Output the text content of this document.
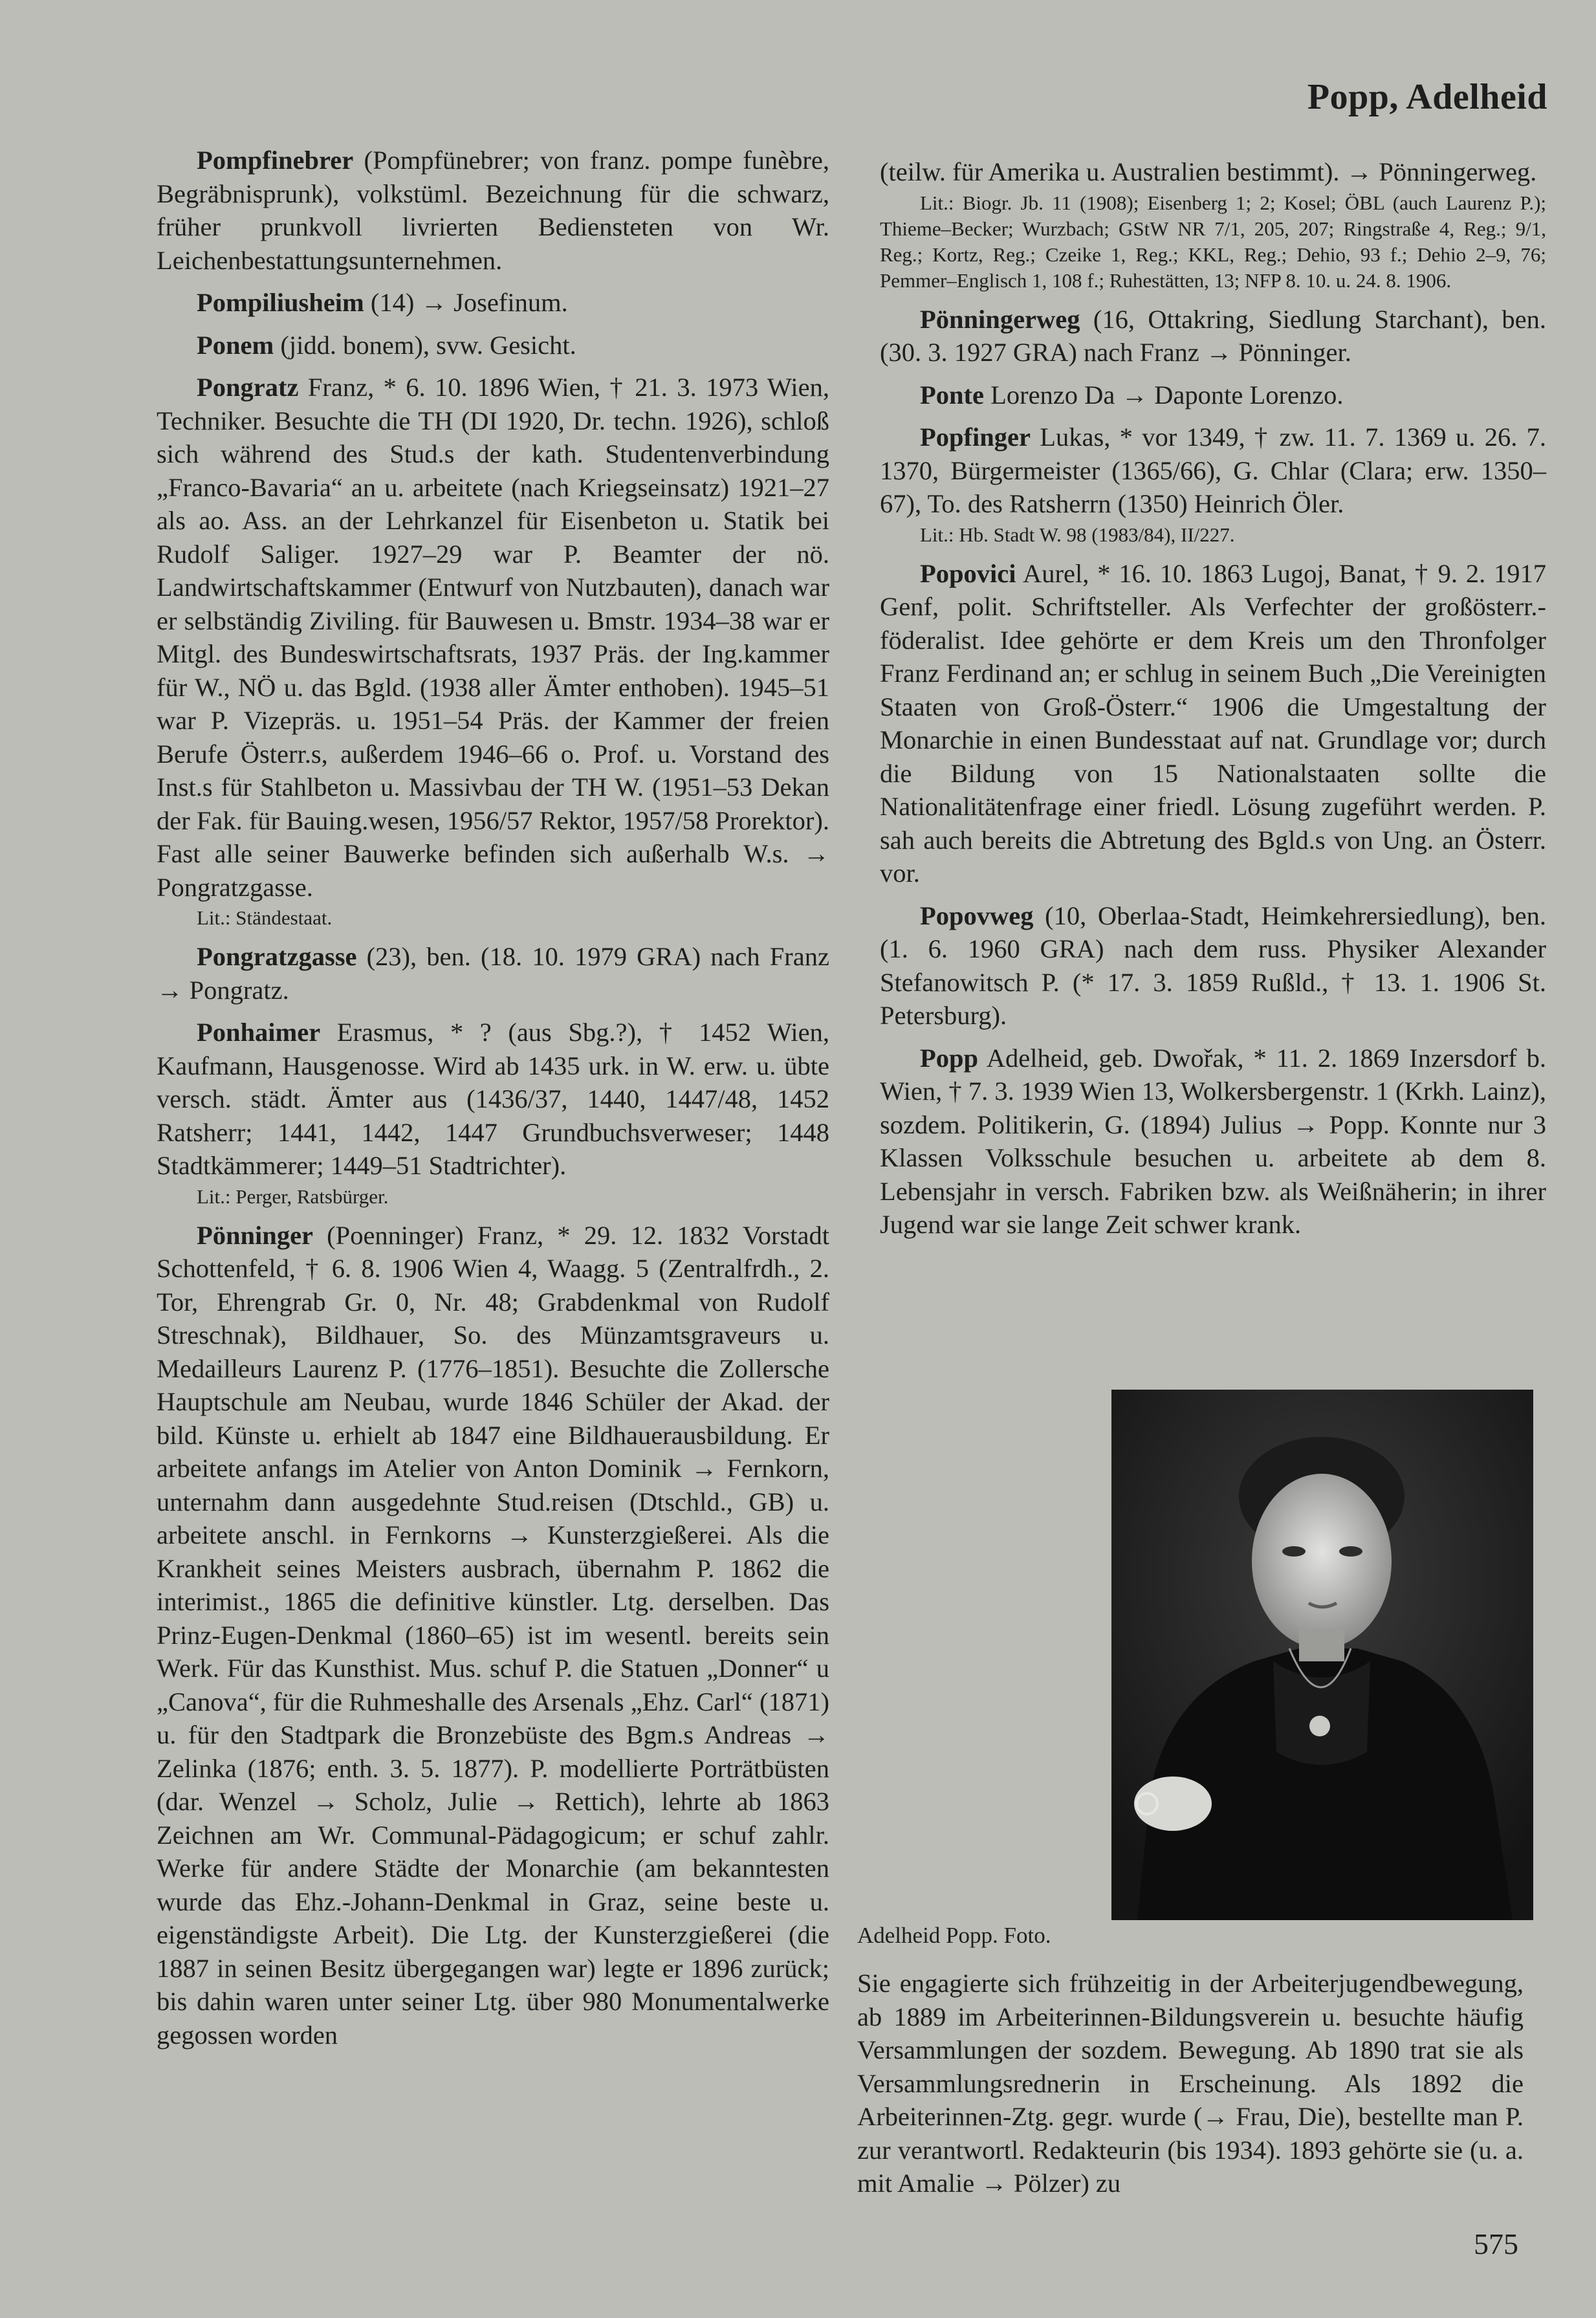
Popp, Adelheid

Pompfinebrer (Pompfünebrer; von franz. pompe funèbre, Begräbnisprunk), volkstüml. Bezeichnung für die schwarz, früher prunkvoll livrierten Bediensteten von Wr. Leichenbestattungsunternehmen.

Pompiliusheim (14) → Josefinum.

Ponem (jidd. bonem), svw. Gesicht.

Pongratz Franz, * 6. 10. 1896 Wien, † 21. 3. 1973 Wien, Techniker. Besuchte die TH (DI 1920, Dr. techn. 1926), schloß sich während des Stud.s der kath. Studentenverbindung „Franco-Bavaria“ an u. arbeitete (nach Kriegseinsatz) 1921–27 als ao. Ass. an der Lehrkanzel für Eisenbeton u. Statik bei Rudolf Saliger. 1927–29 war P. Beamter der nö. Landwirtschaftskammer (Entwurf von Nutzbauten), danach war er selbständig Ziviling. für Bauwesen u. Bmstr. 1934–38 war er Mitgl. des Bundeswirtschaftsrats, 1937 Präs. der Ing.kammer für W., NÖ u. das Bgld. (1938 aller Ämter enthoben). 1945–51 war P. Vizepräs. u. 1951–54 Präs. der Kammer der freien Berufe Österr.s, außerdem 1946–66 o. Prof. u. Vorstand des Inst.s für Stahlbeton u. Massivbau der TH W. (1951–53 Dekan der Fak. für Bauing.wesen, 1956/57 Rektor, 1957/58 Prorektor). Fast alle seiner Bauwerke befinden sich außerhalb W.s. → Pongratzgasse.

Lit.: Ständestaat.

Pongratzgasse (23), ben. (18. 10. 1979 GRA) nach Franz → Pongratz.

Ponhaimer Erasmus, * ? (aus Sbg.?), † 1452 Wien, Kaufmann, Hausgenosse. Wird ab 1435 urk. in W. erw. u. übte versch. städt. Ämter aus (1436/37, 1440, 1447/48, 1452 Ratsherr; 1441, 1442, 1447 Grundbuchsverweser; 1448 Stadtkämmerer; 1449–51 Stadtrichter).

Lit.: Perger, Ratsbürger.

Pönninger (Poenninger) Franz, * 29. 12. 1832 Vorstadt Schottenfeld, † 6. 8. 1906 Wien 4, Waagg. 5 (Zentralfrdh., 2. Tor, Ehrengrab Gr. 0, Nr. 48; Grabdenkmal von Rudolf Streschnak), Bildhauer, So. des Münzamtsgraveurs u. Medailleurs Laurenz P. (1776–1851). Besuchte die Zollersche Hauptschule am Neubau, wurde 1846 Schüler der Akad. der bild. Künste u. erhielt ab 1847 eine Bildhauerausbildung. Er arbeitete anfangs im Atelier von Anton Dominik → Fernkorn, unternahm dann ausgedehnte Stud.reisen (Dtschld., GB) u. arbeitete anschl. in Fernkorns → Kunsterzgießerei. Als die Krankheit seines Meisters ausbrach, übernahm P. 1862 die interimist., 1865 die definitive künstler. Ltg. derselben. Das Prinz-Eugen-Denkmal (1860–65) ist im wesentl. bereits sein Werk. Für das Kunsthist. Mus. schuf P. die Statuen „Donner“ u „Canova“, für die Ruhmeshalle des Arsenals „Ehz. Carl“ (1871) u. für den Stadtpark die Bronzebüste des Bgm.s Andreas → Zelinka (1876; enth. 3. 5. 1877). P. modellierte Porträtbüsten (dar. Wenzel → Scholz, Julie → Rettich), lehrte ab 1863 Zeichnen am Wr. Communal-Pädagogicum; er schuf zahlr. Werke für andere Städte der Monarchie (am bekanntesten wurde das Ehz.-Johann-Denkmal in Graz, seine beste u. eigenständigste Arbeit). Die Ltg. der Kunsterzgießerei (die 1887 in seinen Besitz übergegangen war) legte er 1896 zurück; bis dahin waren unter seiner Ltg. über 980 Monumentalwerke gegossen worden

(teilw. für Amerika u. Australien bestimmt). → Pönningerweg.

Lit.: Biogr. Jb. 11 (1908); Eisenberg 1; 2; Kosel; ÖBL (auch Laurenz P.); Thieme–Becker; Wurzbach; GStW NR 7/1, 205, 207; Ringstraße 4, Reg.; 9/1, Reg.; Kortz, Reg.; Czeike 1, Reg.; KKL, Reg.; Dehio, 93 f.; Dehio 2–9, 76; Pemmer–Englisch 1, 108 f.; Ruhestätten, 13; NFP 8. 10. u. 24. 8. 1906.

Pönningerweg (16, Ottakring, Siedlung Starchant), ben. (30. 3. 1927 GRA) nach Franz → Pönninger.

Ponte Lorenzo Da → Daponte Lorenzo.

Popfinger Lukas, * vor 1349, † zw. 11. 7. 1369 u. 26. 7. 1370, Bürgermeister (1365/66), G. Chlar (Clara; erw. 1350–67), To. des Ratsherrn (1350) Heinrich Öler.

Lit.: Hb. Stadt W. 98 (1983/84), II/227.

Popovici Aurel, * 16. 10. 1863 Lugoj, Banat, † 9. 2. 1917 Genf, polit. Schriftsteller. Als Verfechter der großösterr.-föderalist. Idee gehörte er dem Kreis um den Thronfolger Franz Ferdinand an; er schlug in seinem Buch „Die Vereinigten Staaten von Groß-Österr.“ 1906 die Umgestaltung der Monarchie in einen Bundesstaat auf nat. Grundlage vor; durch die Bildung von 15 Nationalstaaten sollte die Nationalitätenfrage einer friedl. Lösung zugeführt werden. P. sah auch bereits die Abtretung des Bgld.s von Ung. an Österr. vor.

Popovweg (10, Oberlaa-Stadt, Heimkehrersiedlung), ben. (1. 6. 1960 GRA) nach dem russ. Physiker Alexander Stefanowitsch P. (* 17. 3. 1859 Rußld., † 13. 1. 1906 St. Petersburg).

Popp Adelheid, geb. Dwořak, * 11. 2. 1869 Inzersdorf b. Wien, † 7. 3. 1939 Wien 13, Wolkersbergenstr. 1 (Krkh. Lainz), sozdem. Politikerin, G. (1894) Julius → Popp. Konnte nur 3 Klassen Volksschule besuchen u. arbeitete ab dem 8. Lebensjahr in versch. Fabriken bzw. als Weißnäherin; in ihrer Jugend war sie lange Zeit schwer krank.

Adelheid Popp. Foto.

Sie engagierte sich frühzeitig in der Arbeiterjugendbewegung, ab 1889 im Arbeiterinnen-Bildungsverein u. besuchte häufig Versammlungen der sozdem. Bewegung. Ab 1890 trat sie als Versammlungsrednerin in Erscheinung. Als 1892 die Arbeiterinnen-Ztg. gegr. wurde (→ Frau, Die), bestellte man P. zur verantwortl. Redakteurin (bis 1934). 1893 gehörte sie (u. a. mit Amalie → Pölzer) zu

575
